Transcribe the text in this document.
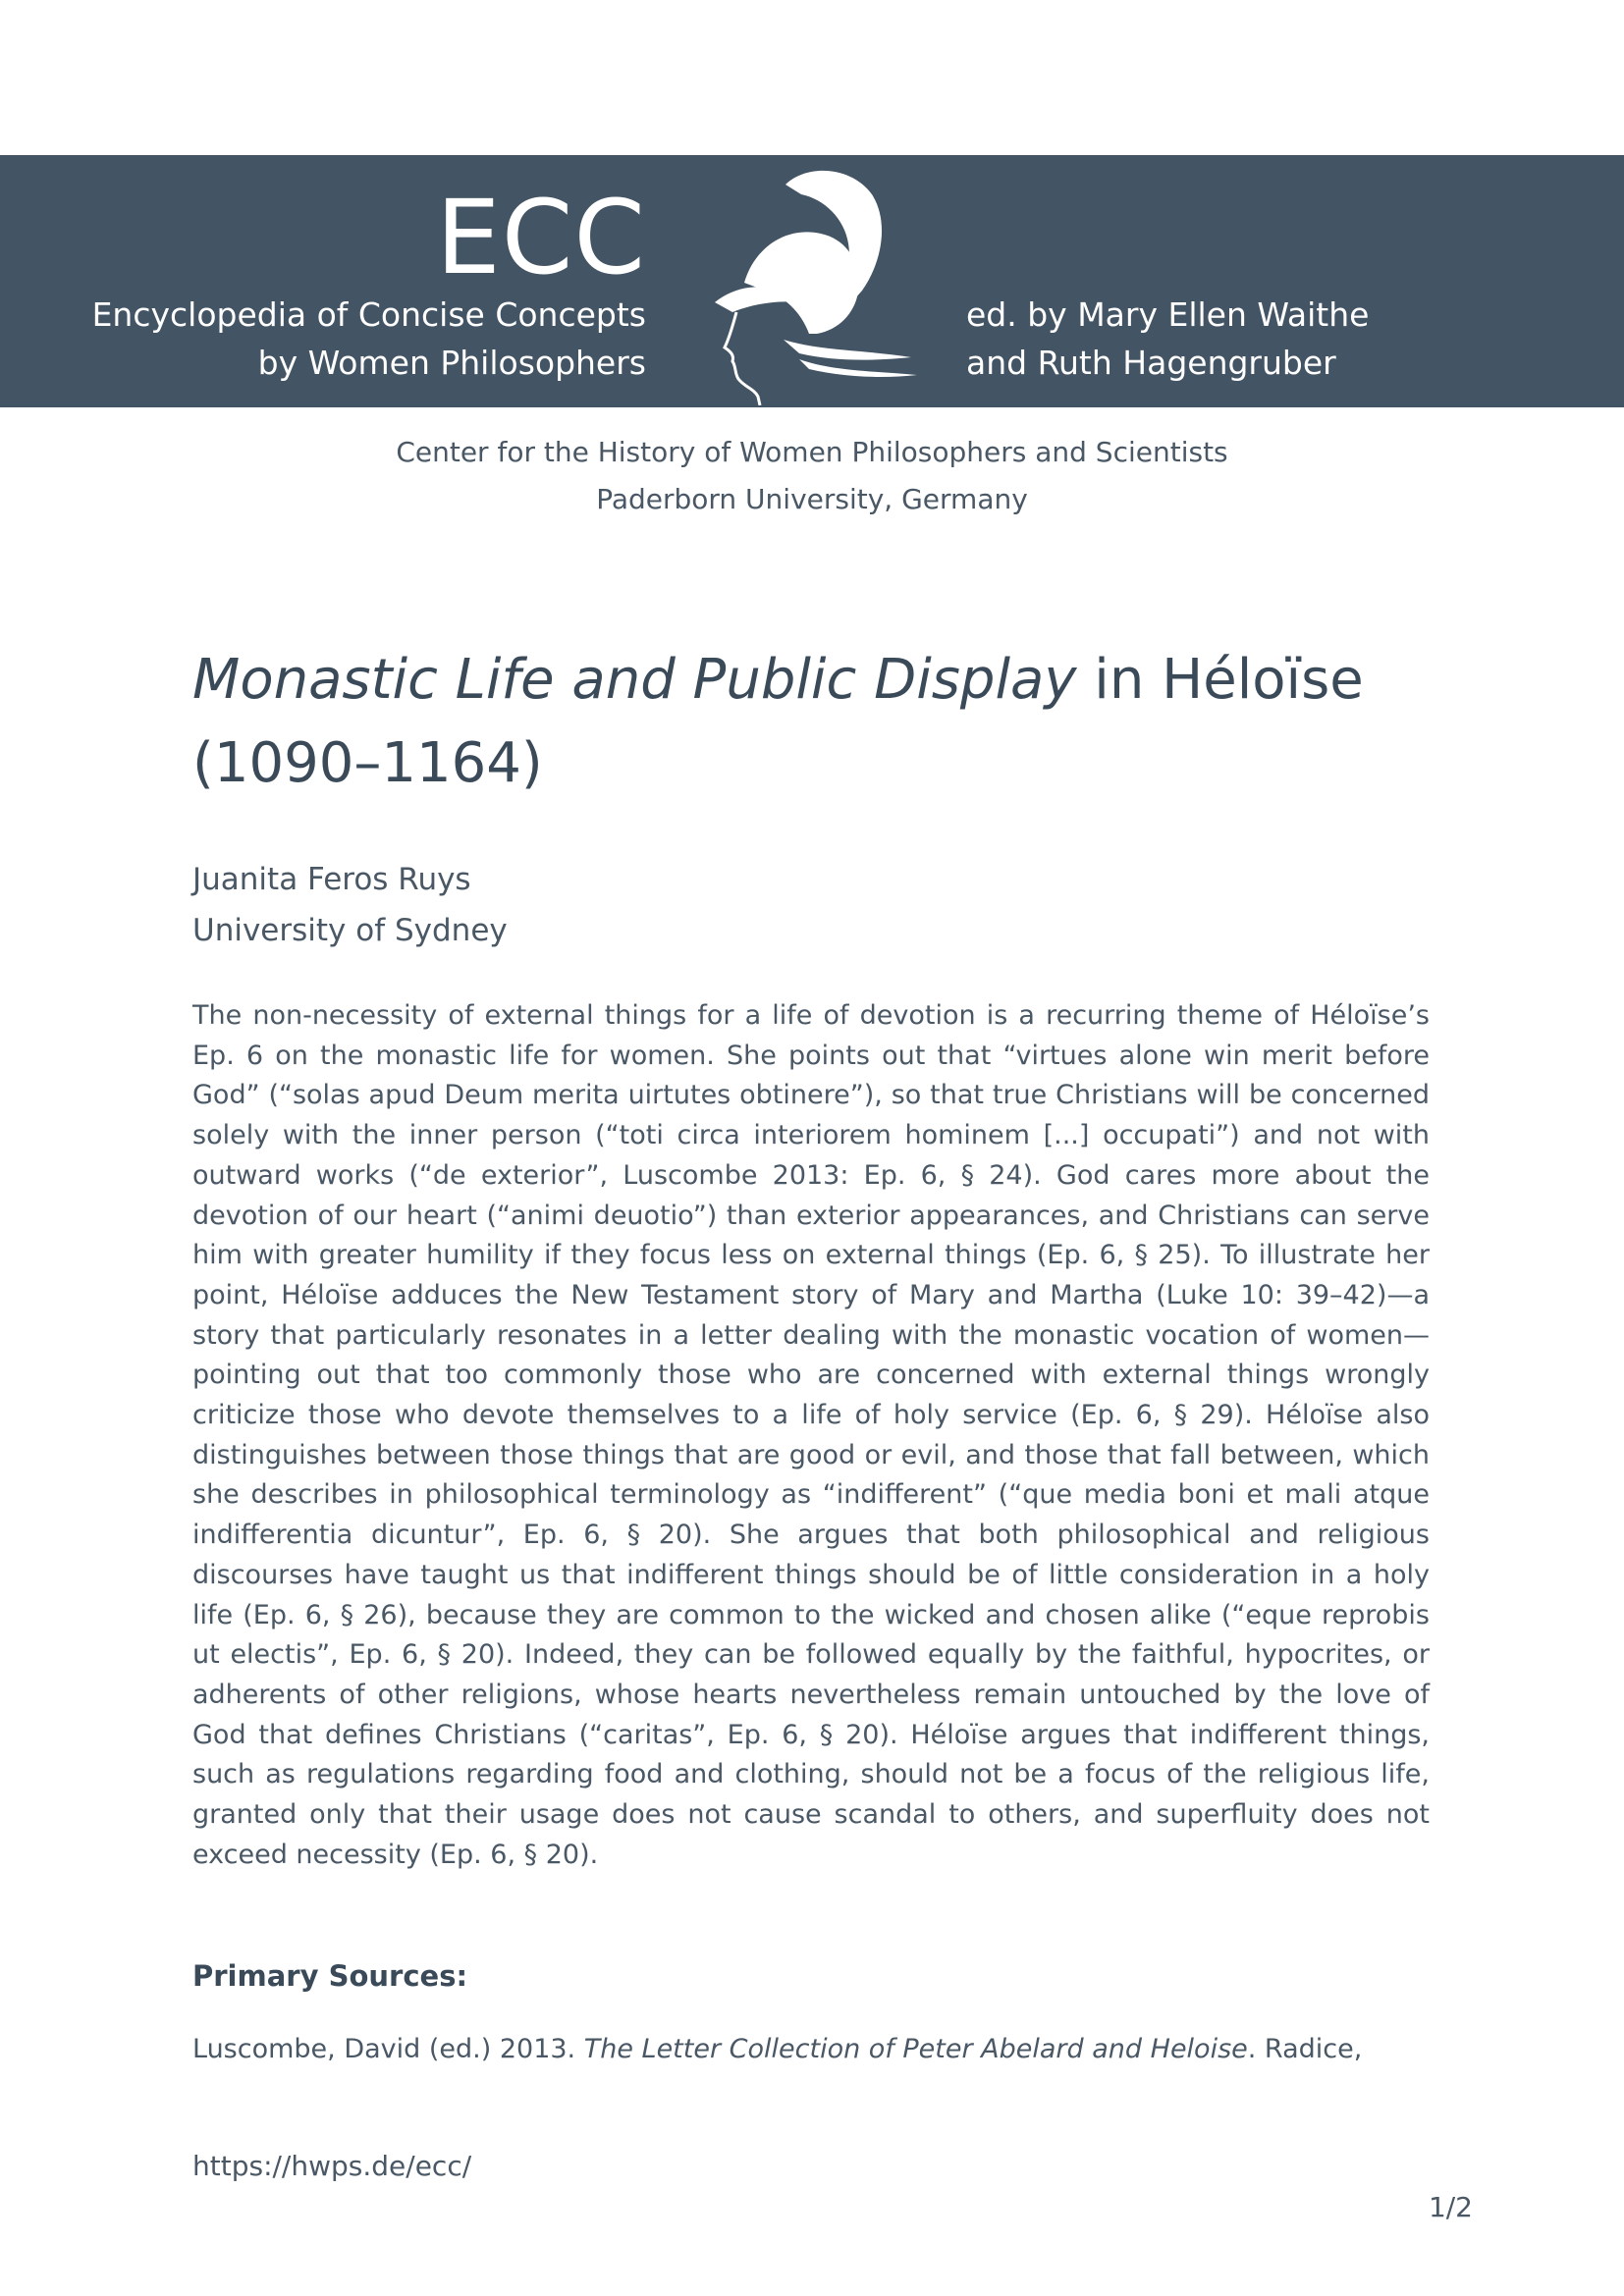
ECC
Encyclopedia of Concise Concepts
by Women Philosophers
ed. by Mary Ellen Waithe
and Ruth Hagengruber
Center for the History of Women Philosophers and Scientists
Paderborn University, Germany
Monastic Life and Public Display in Héloïse (1090–1164)
Juanita Feros Ruys
University of Sydney

The non-necessity of external things for a life of devotion is a recurring theme of Héloïse’s Ep. 6 on the monastic life for women. She points out that “virtues alone win merit before God” (“solas apud Deum merita uirtutes obtinere”), so that true Christians will be concerned solely with the inner person (“toti circa interiorem hominem [...] occupati”) and not with outward works (“de exterior”, Luscombe 2013: Ep. 6, § 24). God cares more about the devotion of our heart (“animi deuotio”) than exterior appearances, and Christians can serve him with greater humility if they focus less on external things (Ep. 6, § 25). To illustrate her point, Héloïse adduces the New Testament story of Mary and Martha (Luke 10: 39–42)—a story that particularly resonates in a letter dealing with the monastic vocation of women—pointing out that too commonly those who are concerned with external things wrongly criticize those who devote themselves to a life of holy service (Ep. 6, § 29). Héloïse also distinguishes between those things that are good or evil, and those that fall between, which she describes in philosophical terminology as “indifferent” (“que media boni et mali atque indifferentia dicuntur”, Ep. 6, § 20). She argues that both philosophical and religious discourses have taught us that indifferent things should be of little consideration in a holy life (Ep. 6, § 26), because they are common to the wicked and chosen alike (“eque reprobis ut electis”, Ep. 6, § 20). Indeed, they can be followed equally by the faithful, hypocrites, or adherents of other religions, whose hearts nevertheless remain untouched by the love of God that defines Christians (“caritas”, Ep. 6, § 20). Héloïse argues that indifferent things, such as regulations regarding food and clothing, should not be a focus of the religious life, granted only that their usage does not cause scandal to others, and superfluity does not exceed necessity (Ep. 6, § 20).

Primary Sources:
Luscombe, David (ed.) 2013. The Letter Collection of Peter Abelard and Heloise. Radice,
https://hwps.de/ecc/
1/2
